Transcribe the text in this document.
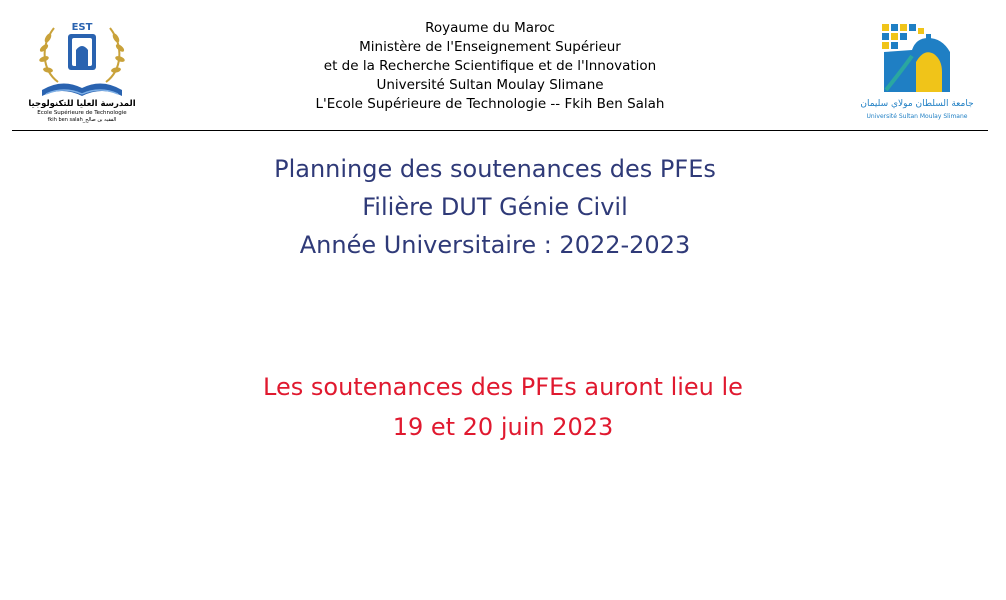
EST
المدرسة العليا للتكنولوجيا
Ecole Supérieure de Technologie
fkih ben salah_الفقيه بن صالح
Royaume du Maroc
Ministère de l'Enseignement Supérieur
et de la Recherche Scientifique et de l'Innovation
Université Sultan Moulay Slimane
L'Ecole Supérieure de Technologie -- Fkih Ben Salah	جامعة السلطان مولاي سليمان
Université Sultan Moulay Slimane
Planninge des soutenances des PFEs
Filière DUT Génie Civil
Année Universitaire : 2022-2023
Les soutenances des PFEs auront lieu le
19 et 20 juin 2023
